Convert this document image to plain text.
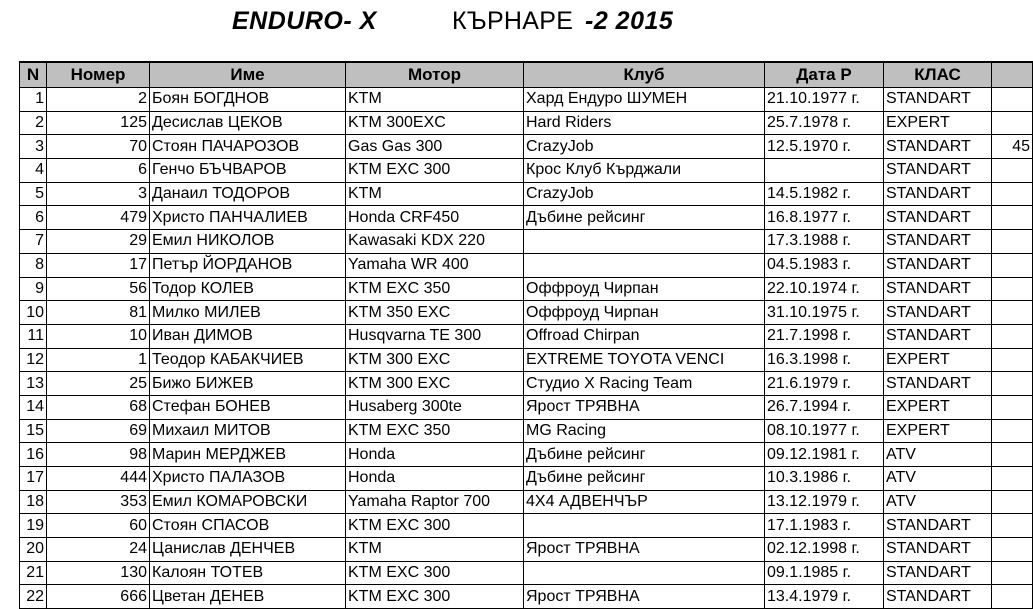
ENDURO- X	КЪРНАРЕ -2 2015
N	Номер	Име	Мотор	Клуб	Дата Р	КЛАС	
1	2	Боян БОГДНОВ	KTM	Хард Ендуро ШУМЕН	21.10.1977 г.	STANDART	
2	125	Десислав ЦЕКОВ	KTM 300EXC	Hard Riders	25.7.1978 г.	EXPERT	
3	70	Стоян ПАЧАРОЗОВ	Gas Gas 300	CrazyJob	12.5.1970 г.	STANDART	45
4	6	Генчо БЪЧВАРОВ	KTM EXC 300	Крос Клуб Кърджали		STANDART	
5	3	Данаил ТОДОРОВ	KTM	CrazyJob	14.5.1982 г.	STANDART	
6	479	Христо ПАНЧАЛИЕВ	Honda CRF450	Дъбине рейсинг	16.8.1977 г.	STANDART	
7	29	Емил НИКОЛОВ	Kawasaki KDX 220		17.3.1988 г.	STANDART	
8	17	Петър ЙОРДАНОВ	Yamaha WR 400		04.5.1983 г.	STANDART	
9	56	Тодор КОЛЕВ	KTM EXC 350	Оффроуд Чирпан	22.10.1974 г.	STANDART	
10	81	Милко МИЛЕВ	KTM 350 EXC	Оффроуд Чирпан	31.10.1975 г.	STANDART	
11	10	Иван ДИМОВ	Husqvarna TE 300	Offroad Chirpan	21.7.1998 г.	STANDART	
12	1	Теодор КАБАКЧИЕВ	KTM 300 EXC	EXTREME TOYOTA VENCI	16.3.1998 г.	EXPERT	
13	25	Бижо БИЖЕВ	KTM 300 EXC	Студио X Racing Team	21.6.1979 г.	STANDART	
14	68	Стефан БОНЕВ	Husaberg 300te	Ярост ТРЯВНА	26.7.1994 г.	EXPERT	
15	69	Михаил МИТОВ	KTM EXC 350	MG Racing	08.10.1977 г.	EXPERT	
16	98	Марин МЕРДЖЕВ	Honda	Дъбине рейсинг	09.12.1981 г.	ATV	
17	444	Христо ПАЛАЗОВ	Honda	Дъбине рейсинг	10.3.1986 г.	ATV	
18	353	Емил КОМАРОВСКИ	Yamaha Raptor 700	4X4 АДВЕНЧЪР	13.12.1979 г.	ATV	
19	60	Стоян СПАСОВ	KTM EXC 300		17.1.1983 г.	STANDART	
20	24	Цанислав ДЕНЧЕВ	KTM	Ярост ТРЯВНА	02.12.1998 г.	STANDART	
21	130	Калоян ТОТЕВ	KTM EXC 300		09.1.1985 г.	STANDART	
22	666	Цветан ДЕНЕВ	KTM EXC 300	Ярост ТРЯВНА	13.4.1979 г.	STANDART	
